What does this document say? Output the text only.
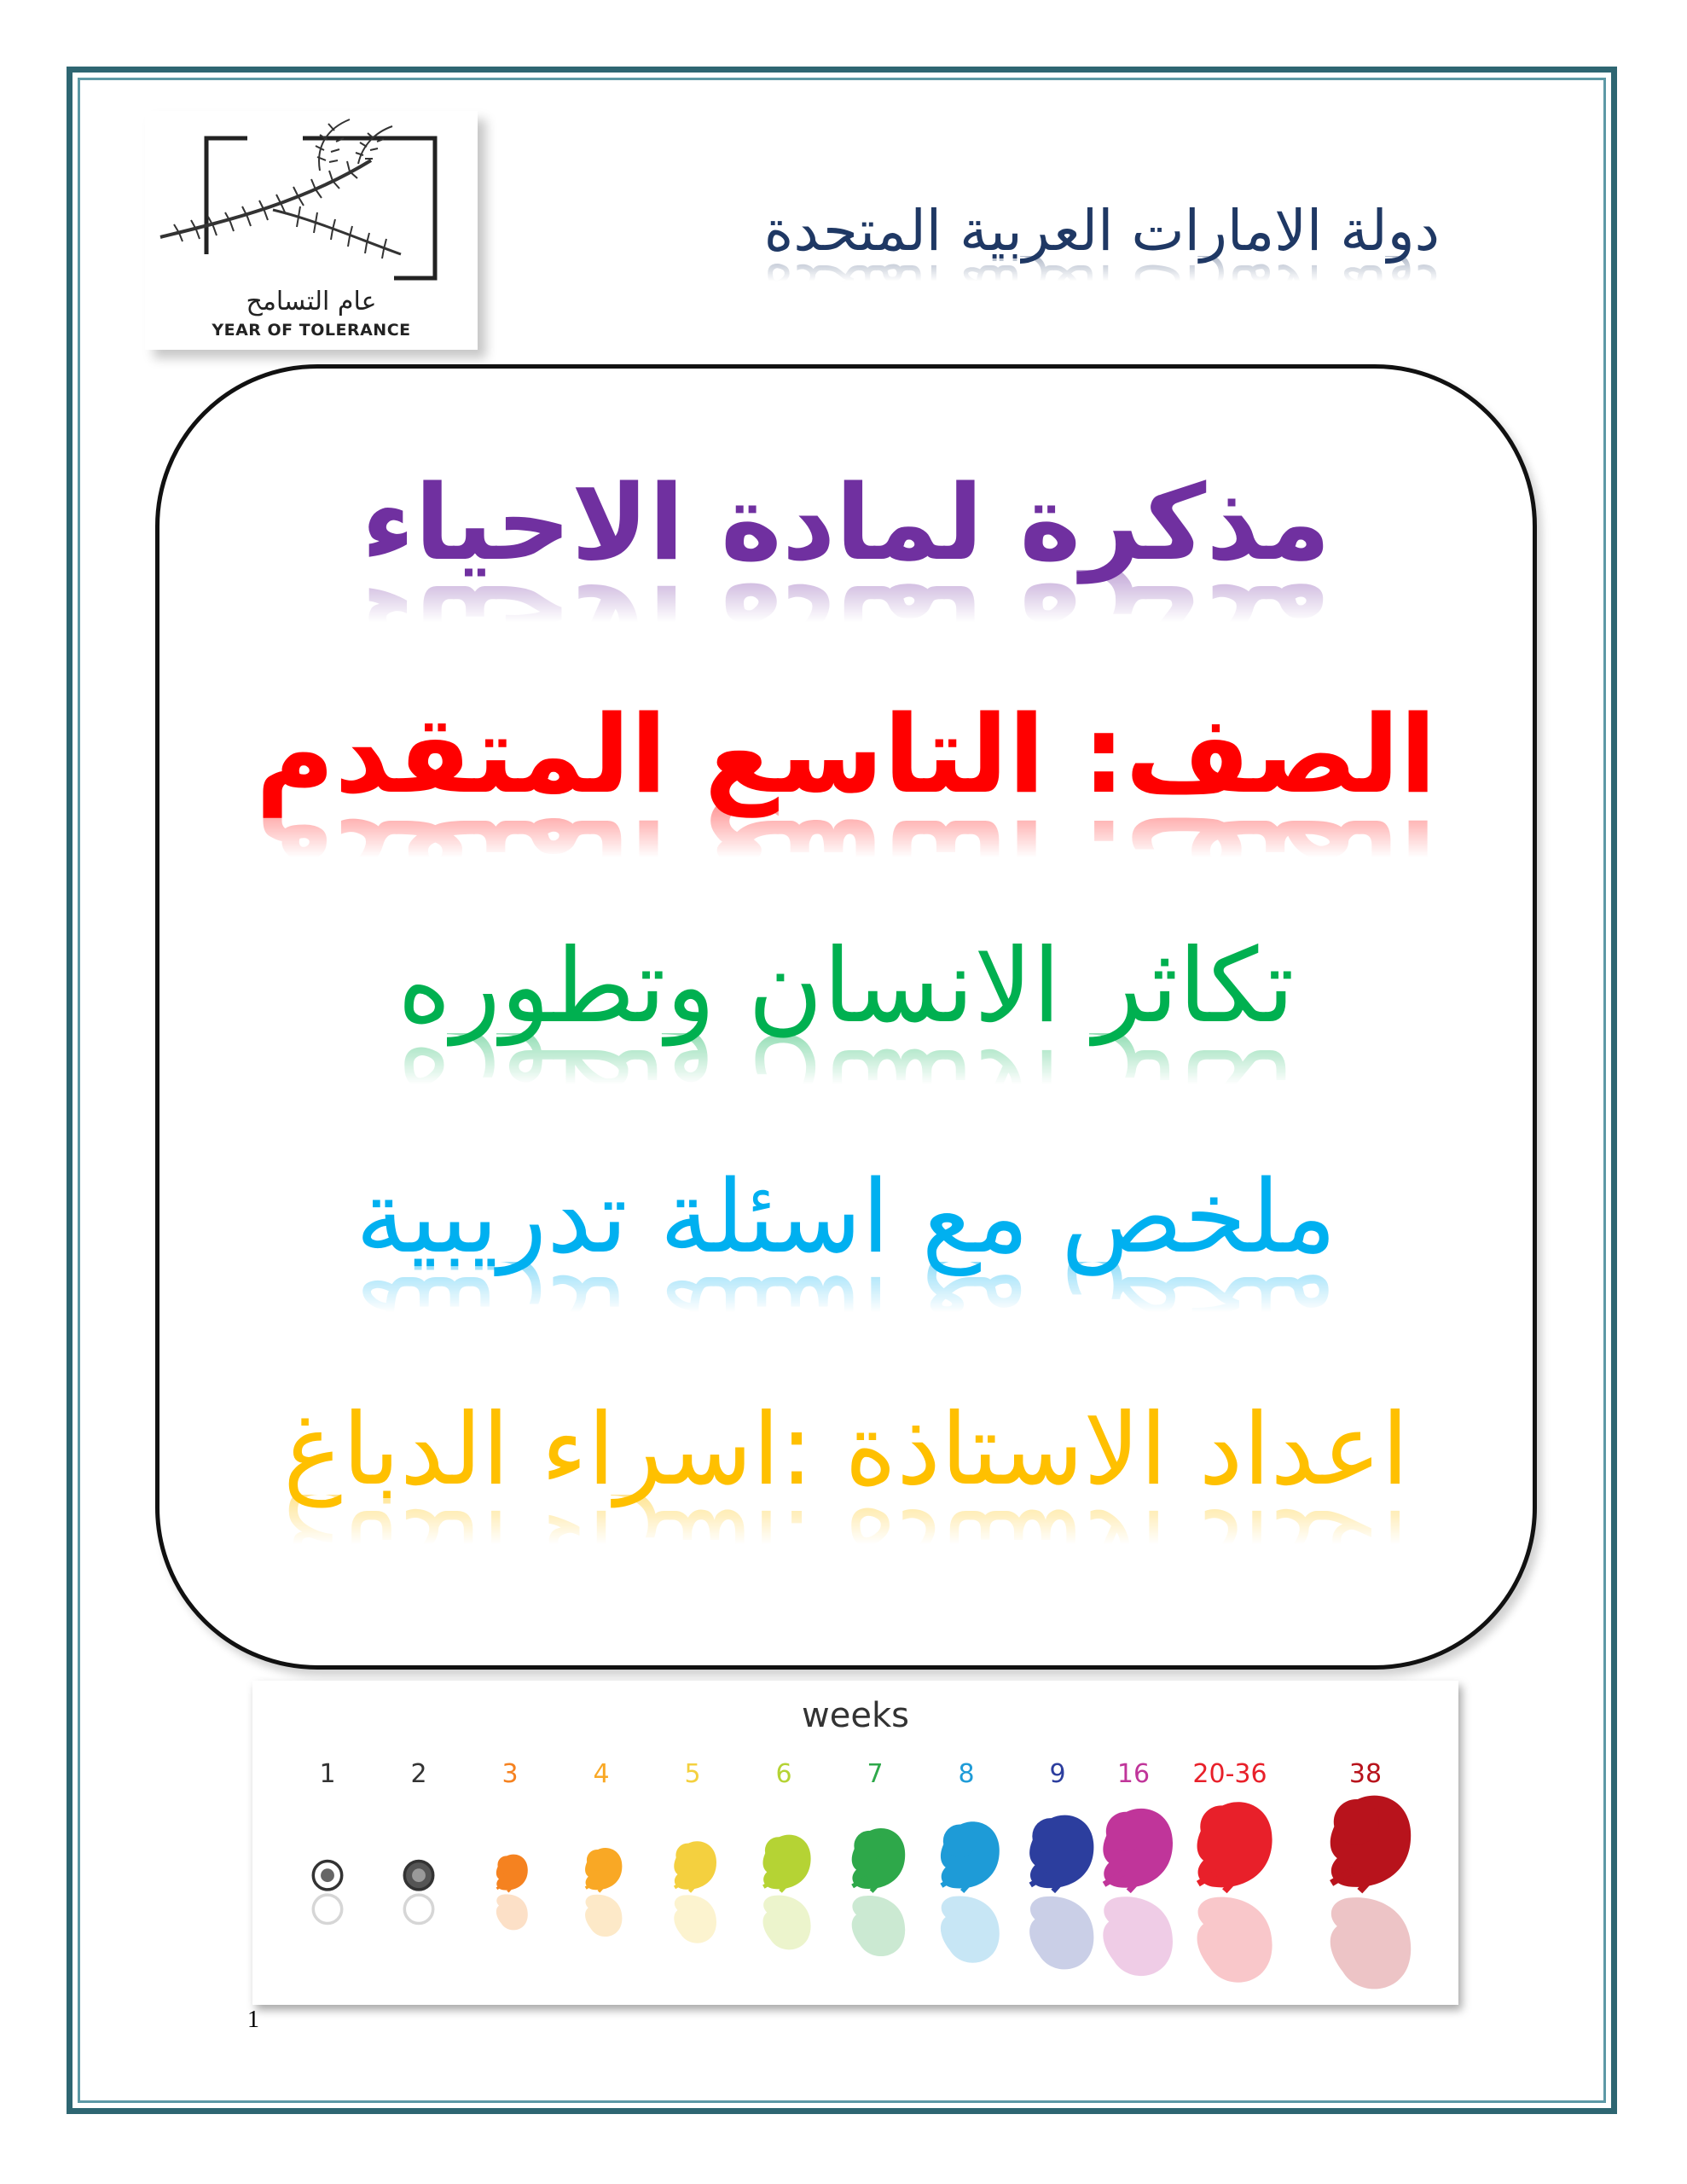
عام التسامح
YEAR OF TOLERANCE
دولة الامارات العربية المتحدة
مذكرة لمادة الاحياء
الصف: التاسع المتقدم
تكاثر الانسان وتطوره
ملخص مع اسئلة تدريبية
اعداد الاستاذة :اسراء الدباغ
weeks
1	2	3	4	5	6	7	8	9 16 20-36	38
1
